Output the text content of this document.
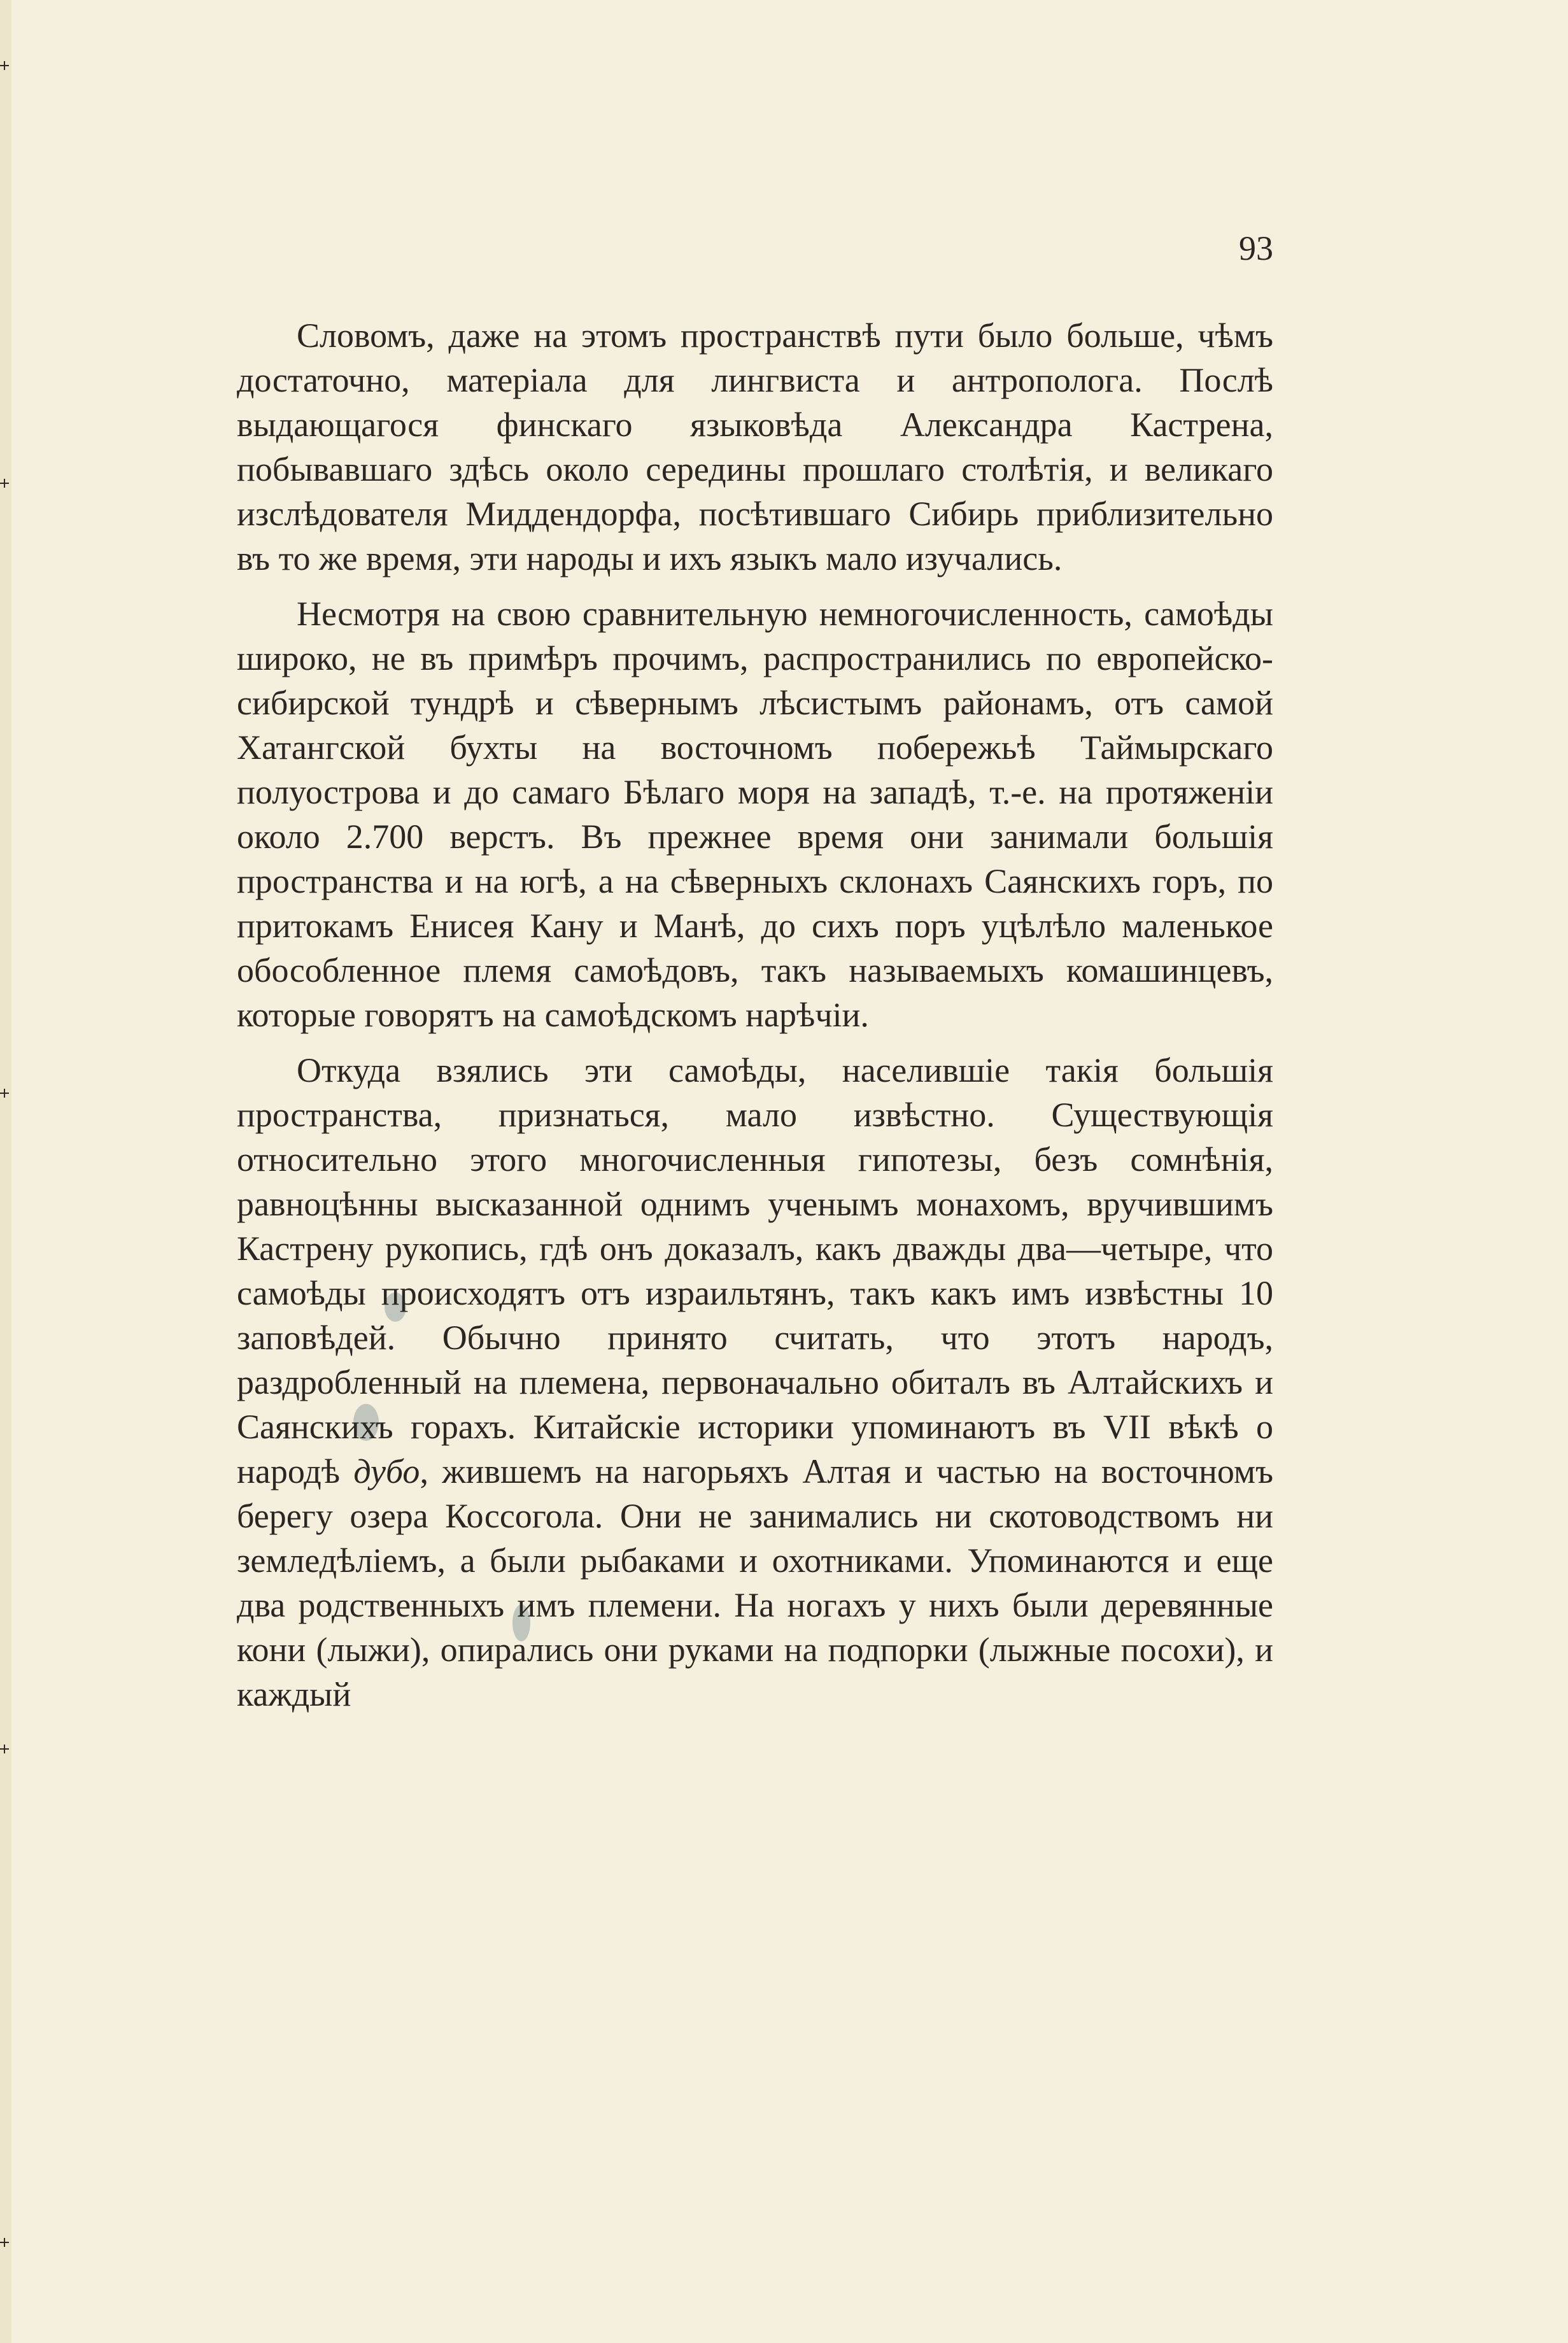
93

Словомъ, даже на этомъ пространствѣ пути было больше, чѣмъ достаточно, матеріала для лингвиста и антрополога. Послѣ выдающагося финскаго языковѣда Александра Кастрена, побывавшаго здѣсь около середины прошлаго столѣтія, и великаго изслѣдователя Миддендорфа, посѣтившаго Сибирь приблизительно въ то же время, эти народы и ихъ языкъ мало изучались.

Несмотря на свою сравнительную немногочисленность, самоѣды широко, не въ примѣръ прочимъ, распространились по европейско-сибирской тундрѣ и сѣвернымъ лѣсистымъ районамъ, отъ самой Хатангской бухты на восточномъ побережьѣ Таймырскаго полуострова и до самаго Бѣлаго моря на западѣ, т.-е. на протяженіи около 2.700 верстъ. Въ прежнее время они занимали большія пространства и на югѣ, а на сѣверныхъ склонахъ Саянскихъ горъ, по притокамъ Енисея Кану и Манѣ, до сихъ поръ уцѣлѣло маленькое обособленное племя самоѣдовъ, такъ называемыхъ комашинцевъ, которые говорятъ на самоѣдскомъ нарѣчіи.

Откуда взялись эти самоѣды, населившіе такія большія пространства, признаться, мало извѣстно. Существующія относительно этого многочисленныя гипотезы, безъ сомнѣнія, равноцѣнны высказанной однимъ ученымъ монахомъ, вручившимъ Кастрену рукопись, гдѣ онъ доказалъ, какъ дважды два—четыре, что самоѣды происходятъ отъ израильтянъ, такъ какъ имъ извѣстны 10 заповѣдей. Обычно принято считать, что этотъ народъ, раздробленный на племена, первоначально обиталъ въ Алтайскихъ и Саянскихъ горахъ. Китайскіе историки упоминаютъ въ VII вѣкѣ о народѣ дубо, жившемъ на нагорьяхъ Алтая и частью на восточномъ берегу озера Коссогола. Они не занимались ни скотоводствомъ ни земледѣліемъ, а были рыбаками и охотниками. Упоминаются и еще два родственныхъ имъ племени. На ногахъ у нихъ были деревянные кони (лыжи), опирались они руками на подпорки (лыжные посохи), и каждый
